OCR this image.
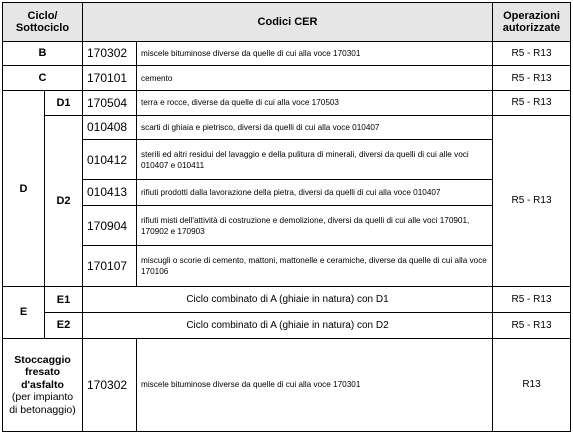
Ciclo/ Sottociclo		Codici CER		Operazioni autorizzate
B		170302	miscele bituminose diverse da quelle di cui alla voce 170301	R5 - R13
C		170101	cemento	R5 - R13
D	D1	170504	terra e rocce, diverse da quelle di cui alla voce 170503	R5 - R13
	D2	010408	scarti di ghiaia e pietrisco, diversi da quelli di cui alla voce 010407	R5 - R13
		010412	sterili ed altri residui del lavaggio e della pulitura di minerali, diversi da quelli di cui alle voci 010407 e 010411	
		010413	rifiuti prodotti dalla lavorazione della pietra, diversi da quelli di cui alla voce 010407	
		170904	rifiuti misti dell'attività di costruzione e demolizione, diversi da quelli di cui alle voci 170901, 170902 e 170903	
		170107	miscugli o scorie di cemento, mattoni, mattonelle e ceramiche, diverse da quelle di cui alla voce 170106	
E	E1	Ciclo combinato di A (ghiaie in natura) con D1		R5 - R13
	E2	Ciclo combinato di A (ghiaie in natura) con D2		R5 - R13

Stoccaggio fresato d'asfalto
(per impianto di betonaggio)		170302	miscele bituminose diverse da quelle di cui alla voce 170301	R13
